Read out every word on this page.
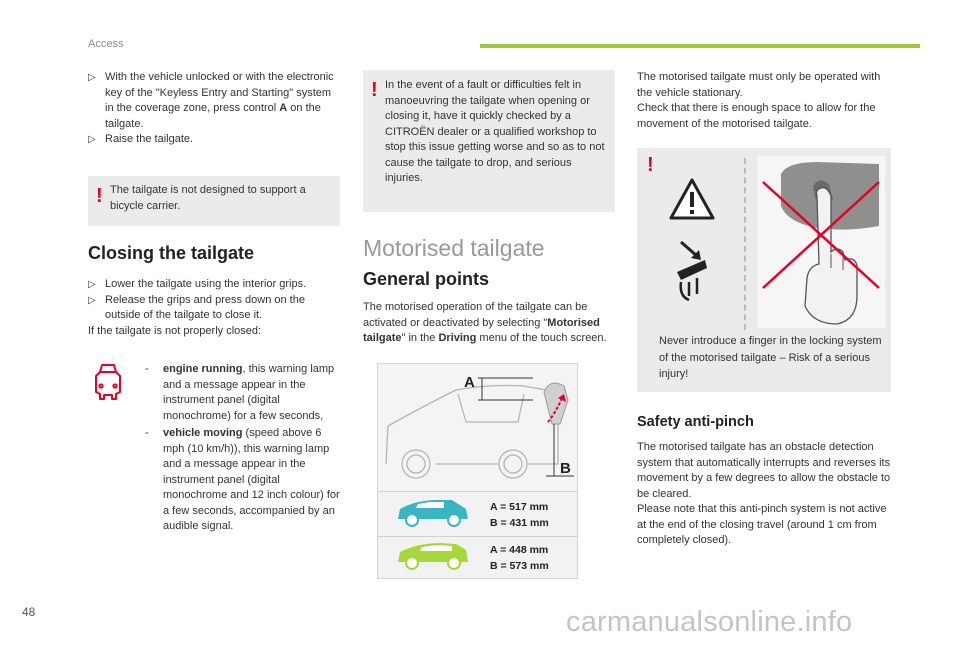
Access
▷ With the vehicle unlocked or with the electronic key of the "Keyless Entry and Starting" system in the coverage zone, press control A on the tailgate.
▷ Raise the tailgate.
! The tailgate is not designed to support a bicycle carrier.
Closing the tailgate
▷ Lower the tailgate using the interior grips.
▷ Release the grips and press down on the outside of the tailgate to close it.
If the tailgate is not properly closed:
- engine running, this warning lamp and a message appear in the instrument panel (digital monochrome) for a few seconds,
- vehicle moving (speed above 6 mph (10 km/h)), this warning lamp and a message appear in the instrument panel (digital monochrome and 12 inch colour) for a few seconds, accompanied by an audible signal.
! In the event of a fault or difficulties felt in manoeuvring the tailgate when opening or closing it, have it quickly checked by a CITROËN dealer or a qualified workshop to stop this issue getting worse and so as to not cause the tailgate to drop, and serious injuries.
Motorised tailgate
General points
The motorised operation of the tailgate can be activated or deactivated by selecting "Motorised tailgate" in the Driving menu of the touch screen.
A
B
A = 517 mm
B = 431 mm
A = 448 mm
B = 573 mm
The motorised tailgate must only be operated with the vehicle stationary.
Check that there is enough space to allow for the movement of the motorised tailgate.
!
Never introduce a finger in the locking system of the motorised tailgate – Risk of a serious injury!
Safety anti-pinch
The motorised tailgate has an obstacle detection system that automatically interrupts and reverses its movement by a few degrees to allow the obstacle to be cleared.
Please note that this anti-pinch system is not active at the end of the closing travel (around 1 cm from completely closed).
48	carmanualsonline.info
